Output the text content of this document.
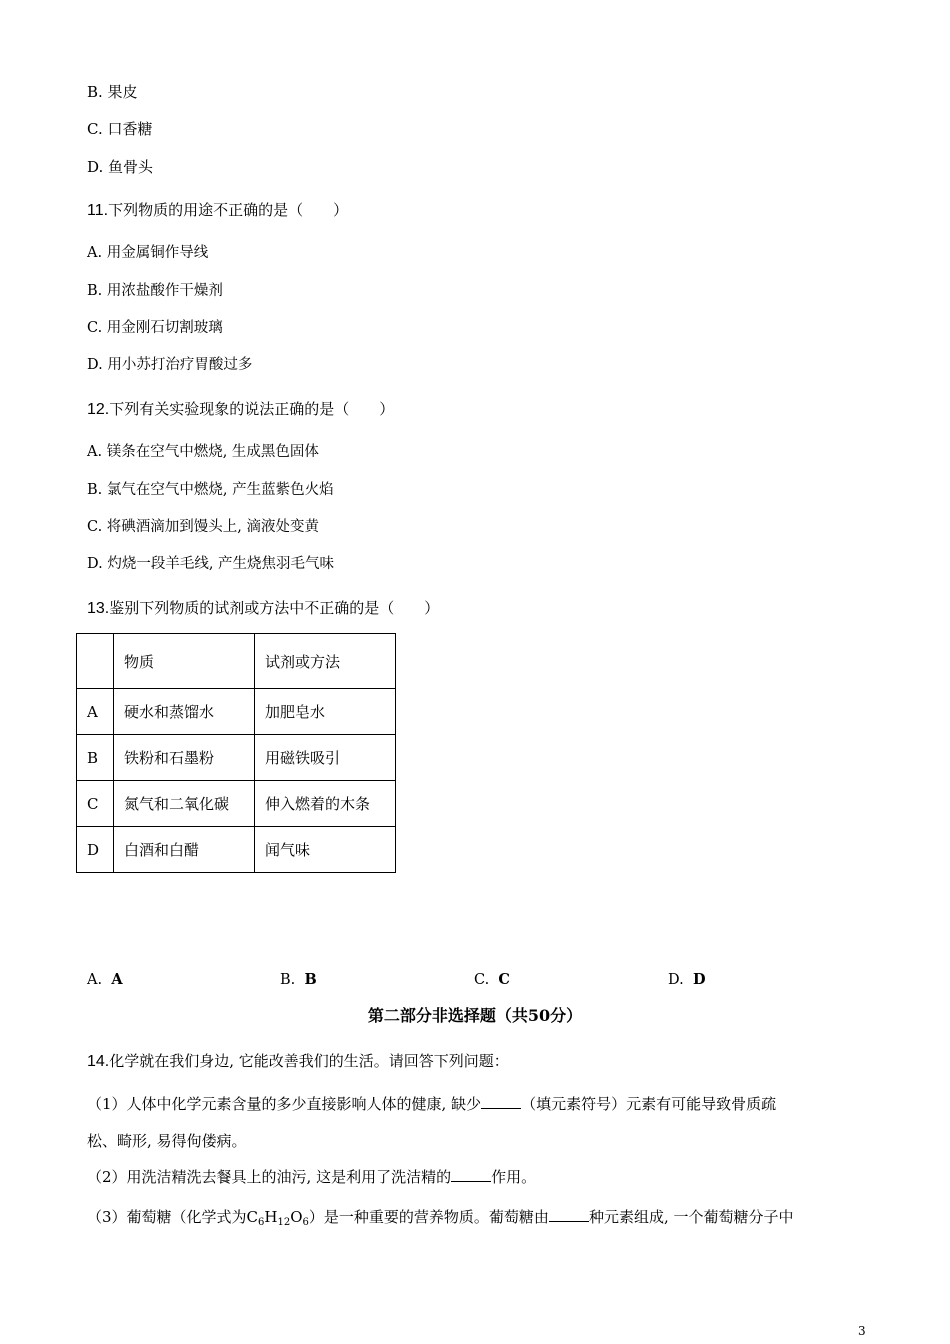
B. 果皮
C. 口香糖
D. 鱼骨头
11.下列物质的用途不正确的是（　　）
A. 用金属铜作导线
B. 用浓盐酸作干燥剂
C. 用金刚石切割玻璃
D. 用小苏打治疗胃酸过多
12.下列有关实验现象的说法正确的是（　　）
A. 镁条在空气中燃烧, 生成黑色固体
B. 氯气在空气中燃烧, 产生蓝紫色火焰
C. 将碘酒滴加到馒头上, 滴液处变黄
D. 灼烧一段羊毛线, 产生烧焦羽毛气味
13.鉴别下列物质的试剂或方法中不正确的是（　　）
	物质	试剂或方法
A	硬水和蒸馏水	加肥皂水
B	铁粉和石墨粉	用磁铁吸引
C	氮气和二氧化碳	伸入燃着的木条
D	白酒和白醋	闻气味
A. A	B. B	C. C	D. D
第二部分非选择题（共50分）
14.化学就在我们身边, 它能改善我们的生活。请回答下列问题：
（1）人体中化学元素含量的多少直接影响人体的健康, 缺少	（填元素符号）元素有可能导致骨质疏
松、畸形, 易得佝偻病。
（2）用洗洁精洗去餐具上的油污, 这是利用了洗洁精的	作用。
（3）葡萄糖（化学式为$C_6H_{12}O_6$）是一种重要的营养物质。葡萄糖由	种元素组成, 一个葡萄糖分子中
3
